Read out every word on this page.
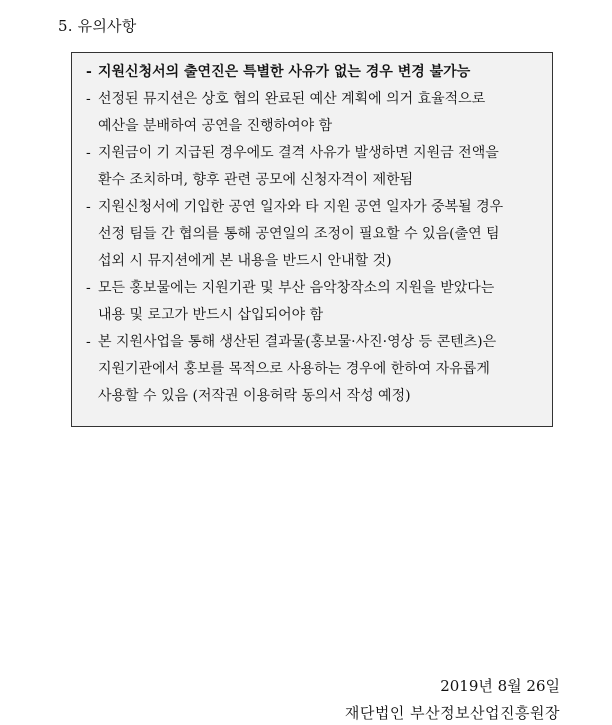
5. 유의사항
- 지원신청서의 출연진은 특별한 사유가 없는 경우 변경 불가능
- 선정된 뮤지션은 상호 협의 완료된 예산 계획에 의거 효율적으로
예산을 분배하여 공연을 진행하여야 함
- 지원금이 기 지급된 경우에도 결격 사유가 발생하면 지원금 전액을
환수 조치하며, 향후 관련 공모에 신청자격이 제한됨
- 지원신청서에 기입한 공연 일자와 타 지원 공연 일자가 중복될 경우
선정 팀들 간 협의를 통해 공연일의 조정이 필요할 수 있음(출연 팀
섭외 시 뮤지션에게 본 내용을 반드시 안내할 것)
- 모든 홍보물에는 지원기관 및 부산 음악창작소의 지원을 받았다는
내용 및 로고가 반드시 삽입되어야 함
- 본 지원사업을 통해 생산된 결과물(홍보물·사진·영상 등 콘텐츠)은
지원기관에서 홍보를 목적으로 사용하는 경우에 한하여 자유롭게
사용할 수 있음 (저작권 이용허락 동의서 작성 예정)
2019년 8월 26일
재단법인 부산정보산업진흥원장
